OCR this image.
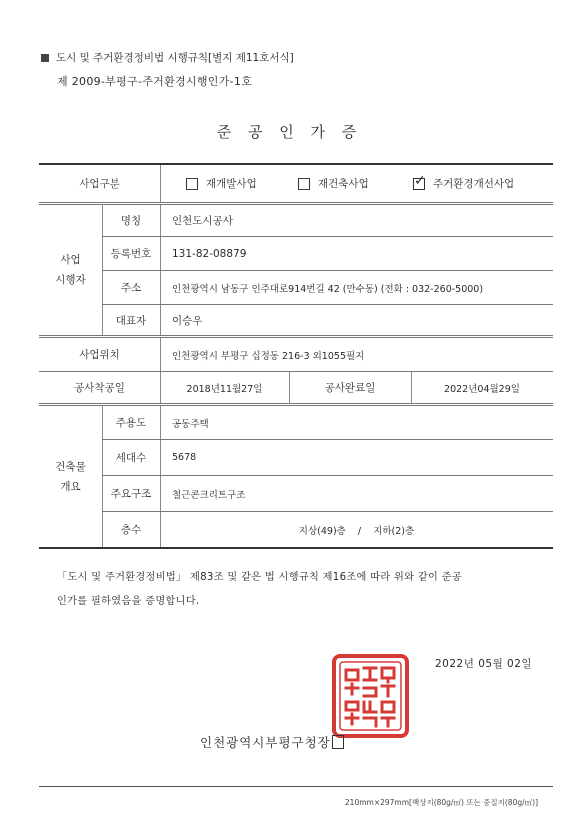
도시 및 주거환경정비법 시행규칙[별지 제11호서식]
제 2009-부평구-주거환경시행인가-1호
준 공 인 가 증
사업구분	재개발사업	재건축사업	✓ 주거환경개선사업
사업
시행자
명칭	인천도시공사
등록번호	131-82-08879
주소	인천광역시 남동구 인주대로914번길 42 (만수동) (전화 : 032-260-5000)
대표자	이승우
사업위치	인천광역시 부평구 십정동 216-3 외1055필지
공사착공일	2018년11월27일	공사완료일	2022년04월29일
건축물
개요
주용도	공동주택
세대수	5678
주요구조	철근콘크리트구조
층수	지상(49)층    /    지하(2)층
「도시 및 주거환경정비법」 제83조 및 같은 법 시행규칙 제16조에 따라 위와 같이 준공
인가를 필하였음을 증명합니다.
2022년 05월 02일
인천광역시부평구청장
210mm×297mm[백상지(80g/㎡) 또는 중질지(80g/㎡)]
